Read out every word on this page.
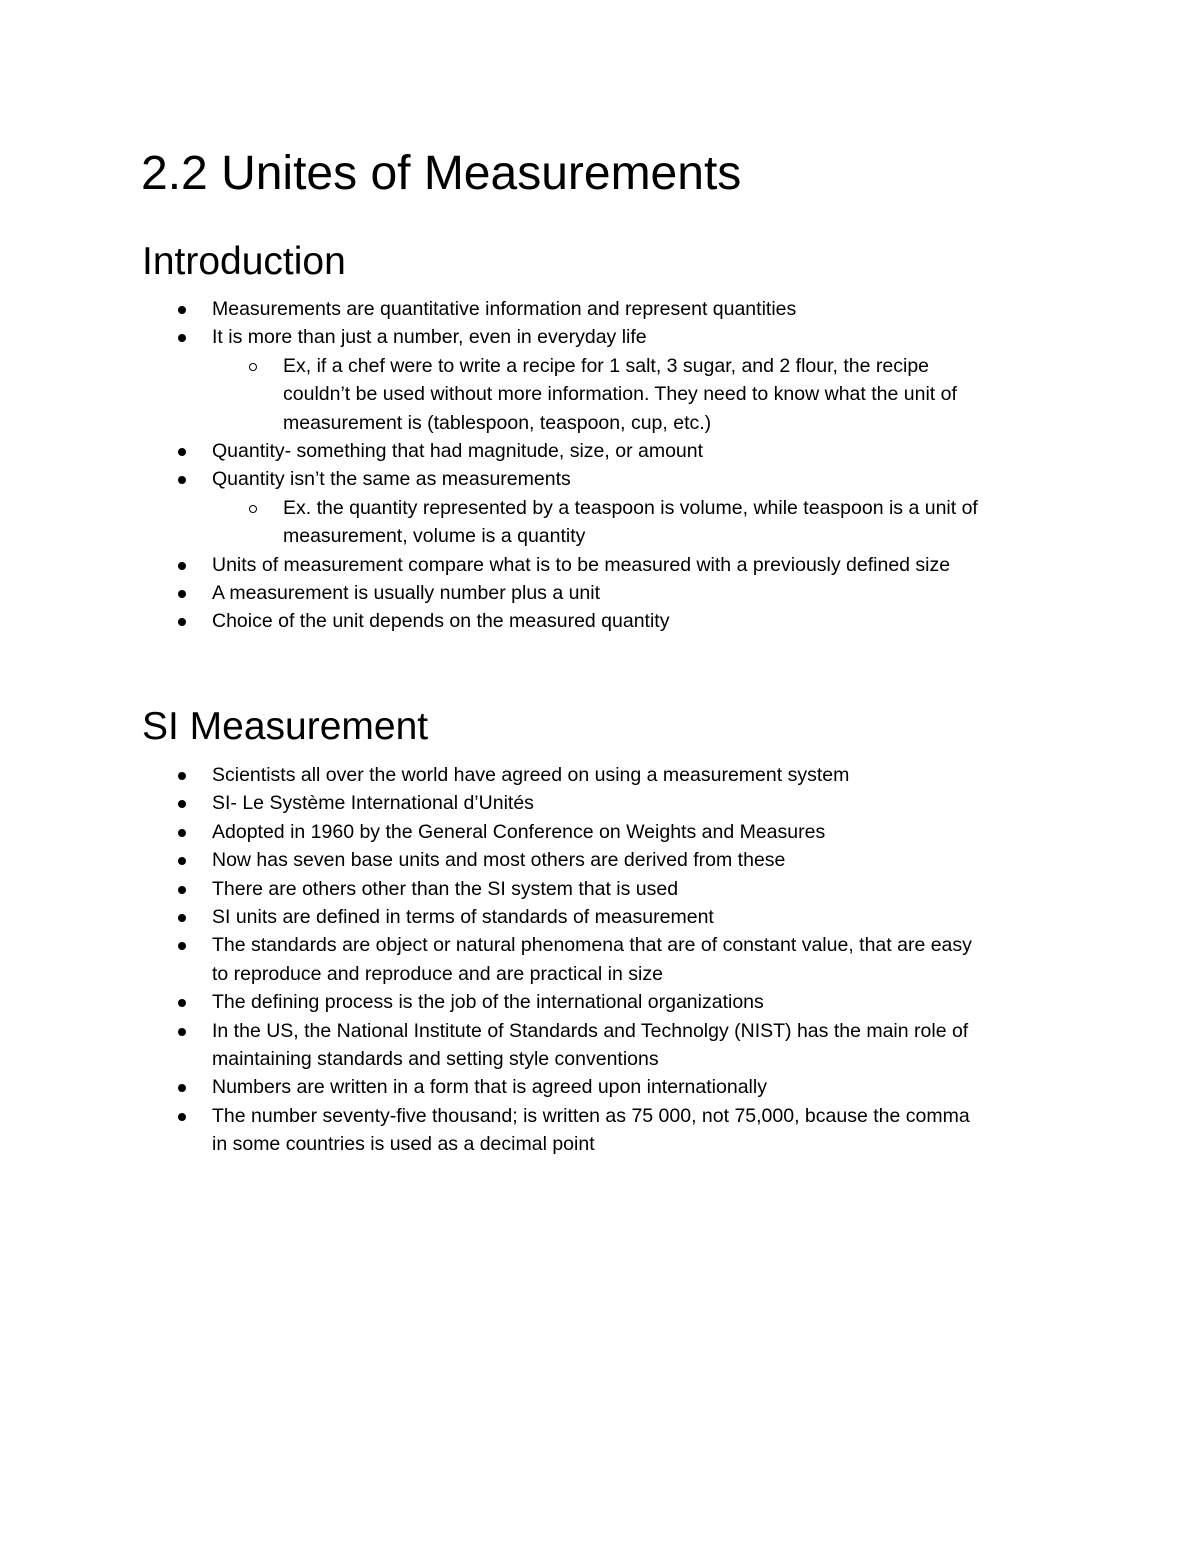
2.2 Unites of Measurements
Introduction
Measurements are quantitative information and represent quantities
It is more than just a number, even in everyday life
Ex, if a chef were to write a recipe for 1 salt, 3 sugar, and 2 flour, the recipe
couldn’t be used without more information. They need to know what the unit of
measurement is (tablespoon, teaspoon, cup, etc.)
Quantity- something that had magnitude, size, or amount
Quantity isn’t the same as measurements
Ex. the quantity represented by a teaspoon is volume, while teaspoon is a unit of
measurement, volume is a quantity
Units of measurement compare what is to be measured with a previously defined size
A measurement is usually number plus a unit
Choice of the unit depends on the measured quantity
SI Measurement
Scientists all over the world have agreed on using a measurement system
SI- Le Système International d’Unités
Adopted in 1960 by the General Conference on Weights and Measures
Now has seven base units and most others are derived from these
There are others other than the SI system that is used
SI units are defined in terms of standards of measurement
The standards are object or natural phenomena that are of constant value, that are easy
to reproduce and reproduce and are practical in size
The defining process is the job of the international organizations
In the US, the National Institute of Standards and Technolgy (NIST) has the main role of
maintaining standards and setting style conventions
Numbers are written in a form that is agreed upon internationally
The number seventy-five thousand; is written as 75 000, not 75,000, bcause the comma
in some countries is used as a decimal point
